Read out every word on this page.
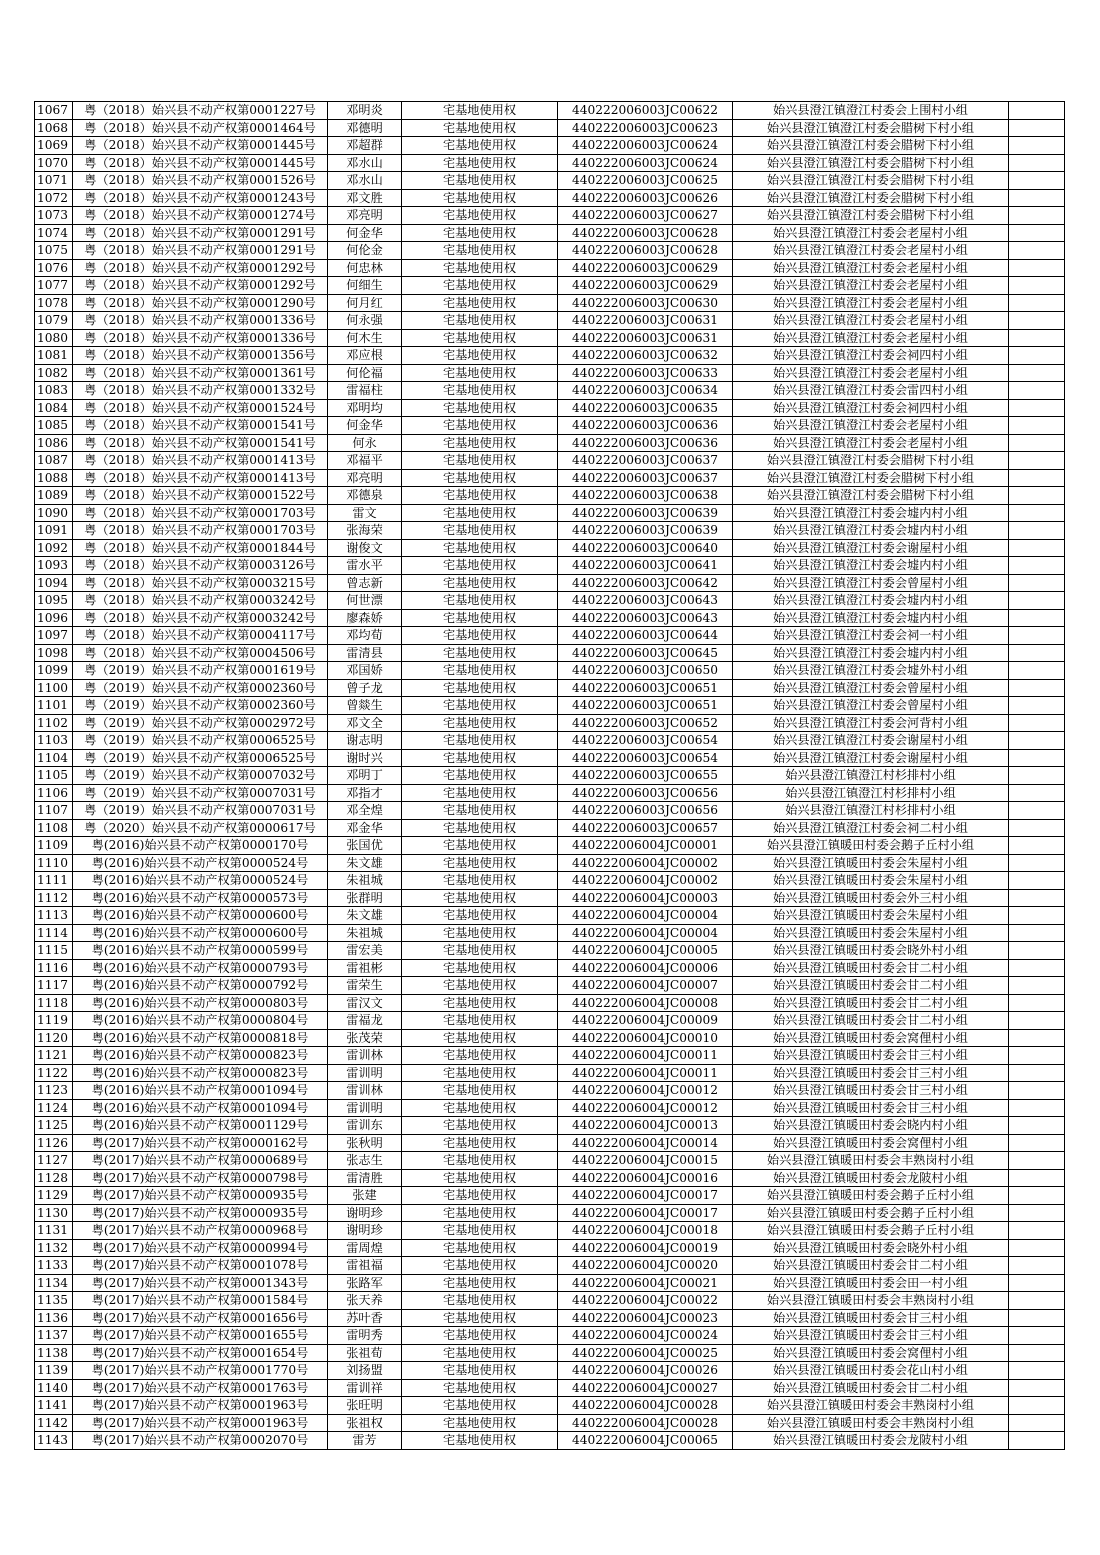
1067	粤（2018）始兴县不动产权第0001227号	邓明炎	宅基地使用权	440222006003JC00622	始兴县澄江镇澄江村委会上围村小组	
1068	粤（2018）始兴县不动产权第0001464号	邓德明	宅基地使用权	440222006003JC00623	始兴县澄江镇澄江村委会腊树下村小组	
1069	粤（2018）始兴县不动产权第0001445号	邓超群	宅基地使用权	440222006003JC00624	始兴县澄江镇澄江村委会腊树下村小组	
1070	粤（2018）始兴县不动产权第0001445号	邓水山	宅基地使用权	440222006003JC00624	始兴县澄江镇澄江村委会腊树下村小组	
1071	粤（2018）始兴县不动产权第0001526号	邓水山	宅基地使用权	440222006003JC00625	始兴县澄江镇澄江村委会腊树下村小组	
1072	粤（2018）始兴县不动产权第0001243号	邓文胜	宅基地使用权	440222006003JC00626	始兴县澄江镇澄江村委会腊树下村小组	
1073	粤（2018）始兴县不动产权第0001274号	邓亮明	宅基地使用权	440222006003JC00627	始兴县澄江镇澄江村委会腊树下村小组	
1074	粤（2018）始兴县不动产权第0001291号	何金华	宅基地使用权	440222006003JC00628	始兴县澄江镇澄江村委会老屋村小组	
1075	粤（2018）始兴县不动产权第0001291号	何伦金	宅基地使用权	440222006003JC00628	始兴县澄江镇澄江村委会老屋村小组	
1076	粤（2018）始兴县不动产权第0001292号	何忠林	宅基地使用权	440222006003JC00629	始兴县澄江镇澄江村委会老屋村小组	
1077	粤（2018）始兴县不动产权第0001292号	何细生	宅基地使用权	440222006003JC00629	始兴县澄江镇澄江村委会老屋村小组	
1078	粤（2018）始兴县不动产权第0001290号	何月红	宅基地使用权	440222006003JC00630	始兴县澄江镇澄江村委会老屋村小组	
1079	粤（2018）始兴县不动产权第0001336号	何永强	宅基地使用权	440222006003JC00631	始兴县澄江镇澄江村委会老屋村小组	
1080	粤（2018）始兴县不动产权第0001336号	何木生	宅基地使用权	440222006003JC00631	始兴县澄江镇澄江村委会老屋村小组	
1081	粤（2018）始兴县不动产权第0001356号	邓应根	宅基地使用权	440222006003JC00632	始兴县澄江镇澄江村委会祠四村小组	
1082	粤（2018）始兴县不动产权第0001361号	何伦福	宅基地使用权	440222006003JC00633	始兴县澄江镇澄江村委会老屋村小组	
1083	粤（2018）始兴县不动产权第0001332号	雷福柱	宅基地使用权	440222006003JC00634	始兴县澄江镇澄江村委会雷四村小组	
1084	粤（2018）始兴县不动产权第0001524号	邓明均	宅基地使用权	440222006003JC00635	始兴县澄江镇澄江村委会祠四村小组	
1085	粤（2018）始兴县不动产权第0001541号	何金华	宅基地使用权	440222006003JC00636	始兴县澄江镇澄江村委会老屋村小组	
1086	粤（2018）始兴县不动产权第0001541号	何永	宅基地使用权	440222006003JC00636	始兴县澄江镇澄江村委会老屋村小组	
1087	粤（2018）始兴县不动产权第0001413号	邓福平	宅基地使用权	440222006003JC00637	始兴县澄江镇澄江村委会腊树下村小组	
1088	粤（2018）始兴县不动产权第0001413号	邓亮明	宅基地使用权	440222006003JC00637	始兴县澄江镇澄江村委会腊树下村小组	
1089	粤（2018）始兴县不动产权第0001522号	邓德泉	宅基地使用权	440222006003JC00638	始兴县澄江镇澄江村委会腊树下村小组	
1090	粤（2018）始兴县不动产权第0001703号	雷文	宅基地使用权	440222006003JC00639	始兴县澄江镇澄江村委会墟内村小组	
1091	粤（2018）始兴县不动产权第0001703号	张海荣	宅基地使用权	440222006003JC00639	始兴县澄江镇澄江村委会墟内村小组	
1092	粤（2018）始兴县不动产权第0001844号	谢俊文	宅基地使用权	440222006003JC00640	始兴县澄江镇澄江村委会谢屋村小组	
1093	粤（2018）始兴县不动产权第0003126号	雷水平	宅基地使用权	440222006003JC00641	始兴县澄江镇澄江村委会墟内村小组	
1094	粤（2018）始兴县不动产权第0003215号	曾志新	宅基地使用权	440222006003JC00642	始兴县澄江镇澄江村委会曾屋村小组	
1095	粤（2018）始兴县不动产权第0003242号	何世漂	宅基地使用权	440222006003JC00643	始兴县澄江镇澄江村委会墟内村小组	
1096	粤（2018）始兴县不动产权第0003242号	廖森娇	宅基地使用权	440222006003JC00643	始兴县澄江镇澄江村委会墟内村小组	
1097	粤（2018）始兴县不动产权第0004117号	邓均荀	宅基地使用权	440222006003JC00644	始兴县澄江镇澄江村委会祠一村小组	
1098	粤（2018）始兴县不动产权第0004506号	雷清县	宅基地使用权	440222006003JC00645	始兴县澄江镇澄江村委会墟内村小组	
1099	粤（2019）始兴县不动产权第0001619号	邓国娇	宅基地使用权	440222006003JC00650	始兴县澄江镇澄江村委会墟外村小组	
1100	粤（2019）始兴县不动产权第0002360号	曾子龙	宅基地使用权	440222006003JC00651	始兴县澄江镇澄江村委会曾屋村小组	
1101	粤（2019）始兴县不动产权第0002360号	曾燚生	宅基地使用权	440222006003JC00651	始兴县澄江镇澄江村委会曾屋村小组	
1102	粤（2019）始兴县不动产权第0002972号	邓文全	宅基地使用权	440222006003JC00652	始兴县澄江镇澄江村委会河背村小组	
1103	粤（2019）始兴县不动产权第0006525号	谢志明	宅基地使用权	440222006003JC00654	始兴县澄江镇澄江村委会谢屋村小组	
1104	粤（2019）始兴县不动产权第0006525号	谢时兴	宅基地使用权	440222006003JC00654	始兴县澄江镇澄江村委会谢屋村小组	
1105	粤（2019）始兴县不动产权第0007032号	邓明丁	宅基地使用权	440222006003JC00655	始兴县澄江镇澄江村杉排村小组	
1106	粤（2019）始兴县不动产权第0007031号	邓指才	宅基地使用权	440222006003JC00656	始兴县澄江镇澄江村杉排村小组	
1107	粤（2019）始兴县不动产权第0007031号	邓全煌	宅基地使用权	440222006003JC00656	始兴县澄江镇澄江村杉排村小组	
1108	粤（2020）始兴县不动产权第0000617号	邓金华	宅基地使用权	440222006003JC00657	始兴县澄江镇澄江村委会祠二村小组	
1109	粤(2016)始兴县不动产权第0000170号	张国优	宅基地使用权	440222006004JC00001	始兴县澄江镇暖田村委会鹅子丘村小组	
1110	粤(2016)始兴县不动产权第0000524号	朱文雄	宅基地使用权	440222006004JC00002	始兴县澄江镇暖田村委会朱屋村小组	
1111	粤(2016)始兴县不动产权第0000524号	朱祖城	宅基地使用权	440222006004JC00002	始兴县澄江镇暖田村委会朱屋村小组	
1112	粤(2016)始兴县不动产权第0000573号	张群明	宅基地使用权	440222006004JC00003	始兴县澄江镇暖田村委会外三村小组	
1113	粤(2016)始兴县不动产权第0000600号	朱文雄	宅基地使用权	440222006004JC00004	始兴县澄江镇暖田村委会朱屋村小组	
1114	粤(2016)始兴县不动产权第0000600号	朱祖城	宅基地使用权	440222006004JC00004	始兴县澄江镇暖田村委会朱屋村小组	
1115	粤(2016)始兴县不动产权第0000599号	雷宏美	宅基地使用权	440222006004JC00005	始兴县澄江镇暖田村委会晓外村小组	
1116	粤(2016)始兴县不动产权第0000793号	雷祖彬	宅基地使用权	440222006004JC00006	始兴县澄江镇暖田村委会甘二村小组	
1117	粤(2016)始兴县不动产权第0000792号	雷荣生	宅基地使用权	440222006004JC00007	始兴县澄江镇暖田村委会甘二村小组	
1118	粤(2016)始兴县不动产权第0000803号	雷汉文	宅基地使用权	440222006004JC00008	始兴县澄江镇暖田村委会甘二村小组	
1119	粤(2016)始兴县不动产权第0000804号	雷福龙	宅基地使用权	440222006004JC00009	始兴县澄江镇暖田村委会甘二村小组	
1120	粤(2016)始兴县不动产权第0000818号	张茂荣	宅基地使用权	440222006004JC00010	始兴县澄江镇暖田村委会窝俚村小组	
1121	粤(2016)始兴县不动产权第0000823号	雷训林	宅基地使用权	440222006004JC00011	始兴县澄江镇暖田村委会甘三村小组	
1122	粤(2016)始兴县不动产权第0000823号	雷训明	宅基地使用权	440222006004JC00011	始兴县澄江镇暖田村委会甘三村小组	
1123	粤(2016)始兴县不动产权第0001094号	雷训林	宅基地使用权	440222006004JC00012	始兴县澄江镇暖田村委会甘三村小组	
1124	粤(2016)始兴县不动产权第0001094号	雷训明	宅基地使用权	440222006004JC00012	始兴县澄江镇暖田村委会甘三村小组	
1125	粤(2016)始兴县不动产权第0001129号	雷训东	宅基地使用权	440222006004JC00013	始兴县澄江镇暖田村委会晓内村小组	
1126	粤(2017)始兴县不动产权第0000162号	张秋明	宅基地使用权	440222006004JC00014	始兴县澄江镇暖田村委会窝俚村小组	
1127	粤(2017)始兴县不动产权第0000689号	张志生	宅基地使用权	440222006004JC00015	始兴县澄江镇暖田村委会丰熟岗村小组	
1128	粤(2017)始兴县不动产权第0000798号	雷清胜	宅基地使用权	440222006004JC00016	始兴县澄江镇暖田村委会龙陂村小组	
1129	粤(2017)始兴县不动产权第0000935号	张建	宅基地使用权	440222006004JC00017	始兴县澄江镇暖田村委会鹅子丘村小组	
1130	粤(2017)始兴县不动产权第0000935号	谢明珍	宅基地使用权	440222006004JC00017	始兴县澄江镇暖田村委会鹅子丘村小组	
1131	粤(2017)始兴县不动产权第0000968号	谢明珍	宅基地使用权	440222006004JC00018	始兴县澄江镇暖田村委会鹅子丘村小组	
1132	粤(2017)始兴县不动产权第0000994号	雷周煌	宅基地使用权	440222006004JC00019	始兴县澄江镇暖田村委会晓外村小组	
1133	粤(2017)始兴县不动产权第0001078号	雷祖福	宅基地使用权	440222006004JC00020	始兴县澄江镇暖田村委会甘二村小组	
1134	粤(2017)始兴县不动产权第0001343号	张路军	宅基地使用权	440222006004JC00021	始兴县澄江镇暖田村委会田一村小组	
1135	粤(2017)始兴县不动产权第0001584号	张天养	宅基地使用权	440222006004JC00022	始兴县澄江镇暖田村委会丰熟岗村小组	
1136	粤(2017)始兴县不动产权第0001656号	苏叶香	宅基地使用权	440222006004JC00023	始兴县澄江镇暖田村委会甘三村小组	
1137	粤(2017)始兴县不动产权第0001655号	雷明秀	宅基地使用权	440222006004JC00024	始兴县澄江镇暖田村委会甘三村小组	
1138	粤(2017)始兴县不动产权第0001654号	张祖荀	宅基地使用权	440222006004JC00025	始兴县澄江镇暖田村委会窝俚村小组	
1139	粤(2017)始兴县不动产权第0001770号	刘扬盟	宅基地使用权	440222006004JC00026	始兴县澄江镇暖田村委会花山村小组	
1140	粤(2017)始兴县不动产权第0001763号	雷训祥	宅基地使用权	440222006004JC00027	始兴县澄江镇暖田村委会甘二村小组	
1141	粤(2017)始兴县不动产权第0001963号	张旺明	宅基地使用权	440222006004JC00028	始兴县澄江镇暖田村委会丰熟岗村小组	
1142	粤(2017)始兴县不动产权第0001963号	张祖权	宅基地使用权	440222006004JC00028	始兴县澄江镇暖田村委会丰熟岗村小组	
1143	粤(2017)始兴县不动产权第0002070号	雷芳	宅基地使用权	440222006004JC00065	始兴县澄江镇暖田村委会龙陂村小组	
